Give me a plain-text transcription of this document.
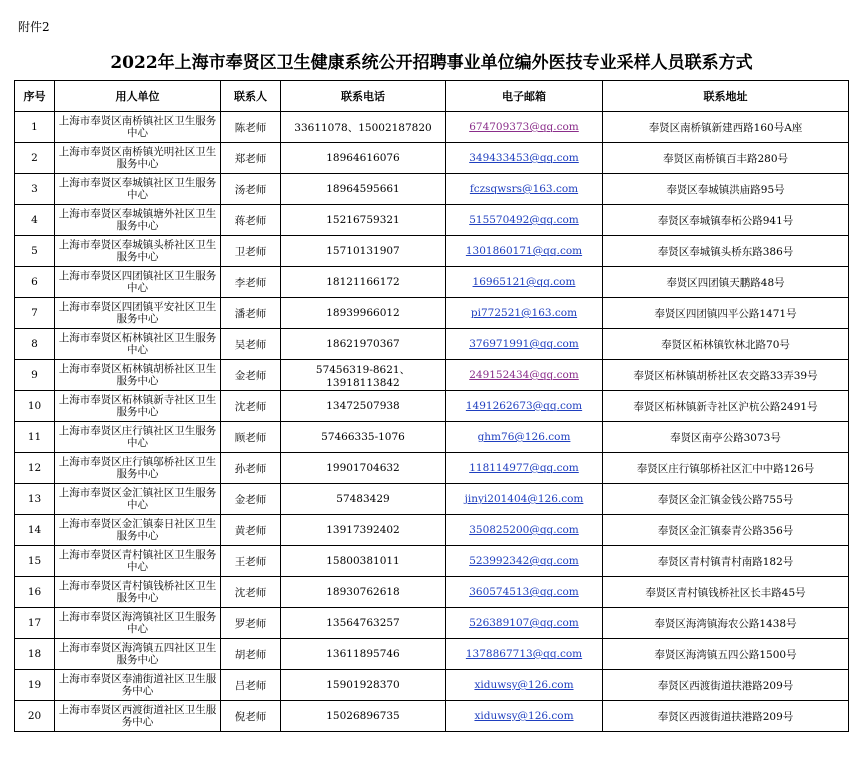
附件2
2022年上海市奉贤区卫生健康系统公开招聘事业单位编外医技专业采样人员联系方式
序号	用人单位	联系人	联系电话	电子邮箱	联系地址
1	上海市奉贤区南桥镇社区卫生服务中心	陈老师	33611078、15002187820	674709373@qq.com	奉贤区南桥镇新建西路160号A座
2	上海市奉贤区南桥镇光明社区卫生服务中心	郑老师	18964616076	349433453@qq.com	奉贤区南桥镇百丰路280号
3	上海市奉贤区奉城镇社区卫生服务中心	汤老师	18964595661	fczsqwsrs@163.com	奉贤区奉城镇洪庙路95号
4	上海市奉贤区奉城镇塘外社区卫生服务中心	蒋老师	15216759321	515570492@qq.com	奉贤区奉城镇奉柘公路941号
5	上海市奉贤区奉城镇头桥社区卫生服务中心	卫老师	15710131907	1301860171@qq.com	奉贤区奉城镇头桥东路386号
6	上海市奉贤区四团镇社区卫生服务中心	李老师	18121166172	16965121@qq.com	奉贤区四团镇天鹏路48号
7	上海市奉贤区四团镇平安社区卫生服务中心	潘老师	18939966012	pi772521@163.com	奉贤区四团镇四平公路1471号
8	上海市奉贤区柘林镇社区卫生服务中心	吴老师	18621970367	376971991@qq.com	奉贤区柘林镇钦林北路70号
9	上海市奉贤区柘林镇胡桥社区卫生服务中心	金老师	57456319-8621、13918113842	249152434@qq.com	奉贤区柘林镇胡桥社区农交路33弄39号
10	上海市奉贤区柘林镇新寺社区卫生服务中心	沈老师	13472507938	1491262673@qq.com	奉贤区柘林镇新寺社区沪杭公路2491号
11	上海市奉贤区庄行镇社区卫生服务中心	顾老师	57466335-1076	ghm76@126.com	奉贤区南亭公路3073号
12	上海市奉贤区庄行镇邬桥社区卫生服务中心	孙老师	19901704632	118114977@qq.com	奉贤区庄行镇邬桥社区汇中中路126号
13	上海市奉贤区金汇镇社区卫生服务中心	金老师	57483429	jinyi201404@126.com	奉贤区金汇镇金钱公路755号
14	上海市奉贤区金汇镇泰日社区卫生服务中心	黄老师	13917392402	350825200@qq.com	奉贤区金汇镇泰青公路356号
15	上海市奉贤区青村镇社区卫生服务中心	王老师	15800381011	523992342@qq.com	奉贤区青村镇青村南路182号
16	上海市奉贤区青村镇钱桥社区卫生服务中心	沈老师	18930762618	360574513@qq.com	奉贤区青村镇钱桥社区长丰路45号
17	上海市奉贤区海湾镇社区卫生服务中心	罗老师	13564763257	526389107@qq.com	奉贤区海湾镇海农公路1438号
18	上海市奉贤区海湾镇五四社区卫生服务中心	胡老师	13611895746	1378867713@qq.com	奉贤区海湾镇五四公路1500号
19	上海市奉贤区奉浦街道社区卫生服务中心	吕老师	15901928370	xiduwsy@126.com	奉贤区西渡街道扶港路209号
20	上海市奉贤区西渡街道社区卫生服务中心	倪老师	15026896735	xiduwsy@126.com	奉贤区西渡街道扶港路209号
